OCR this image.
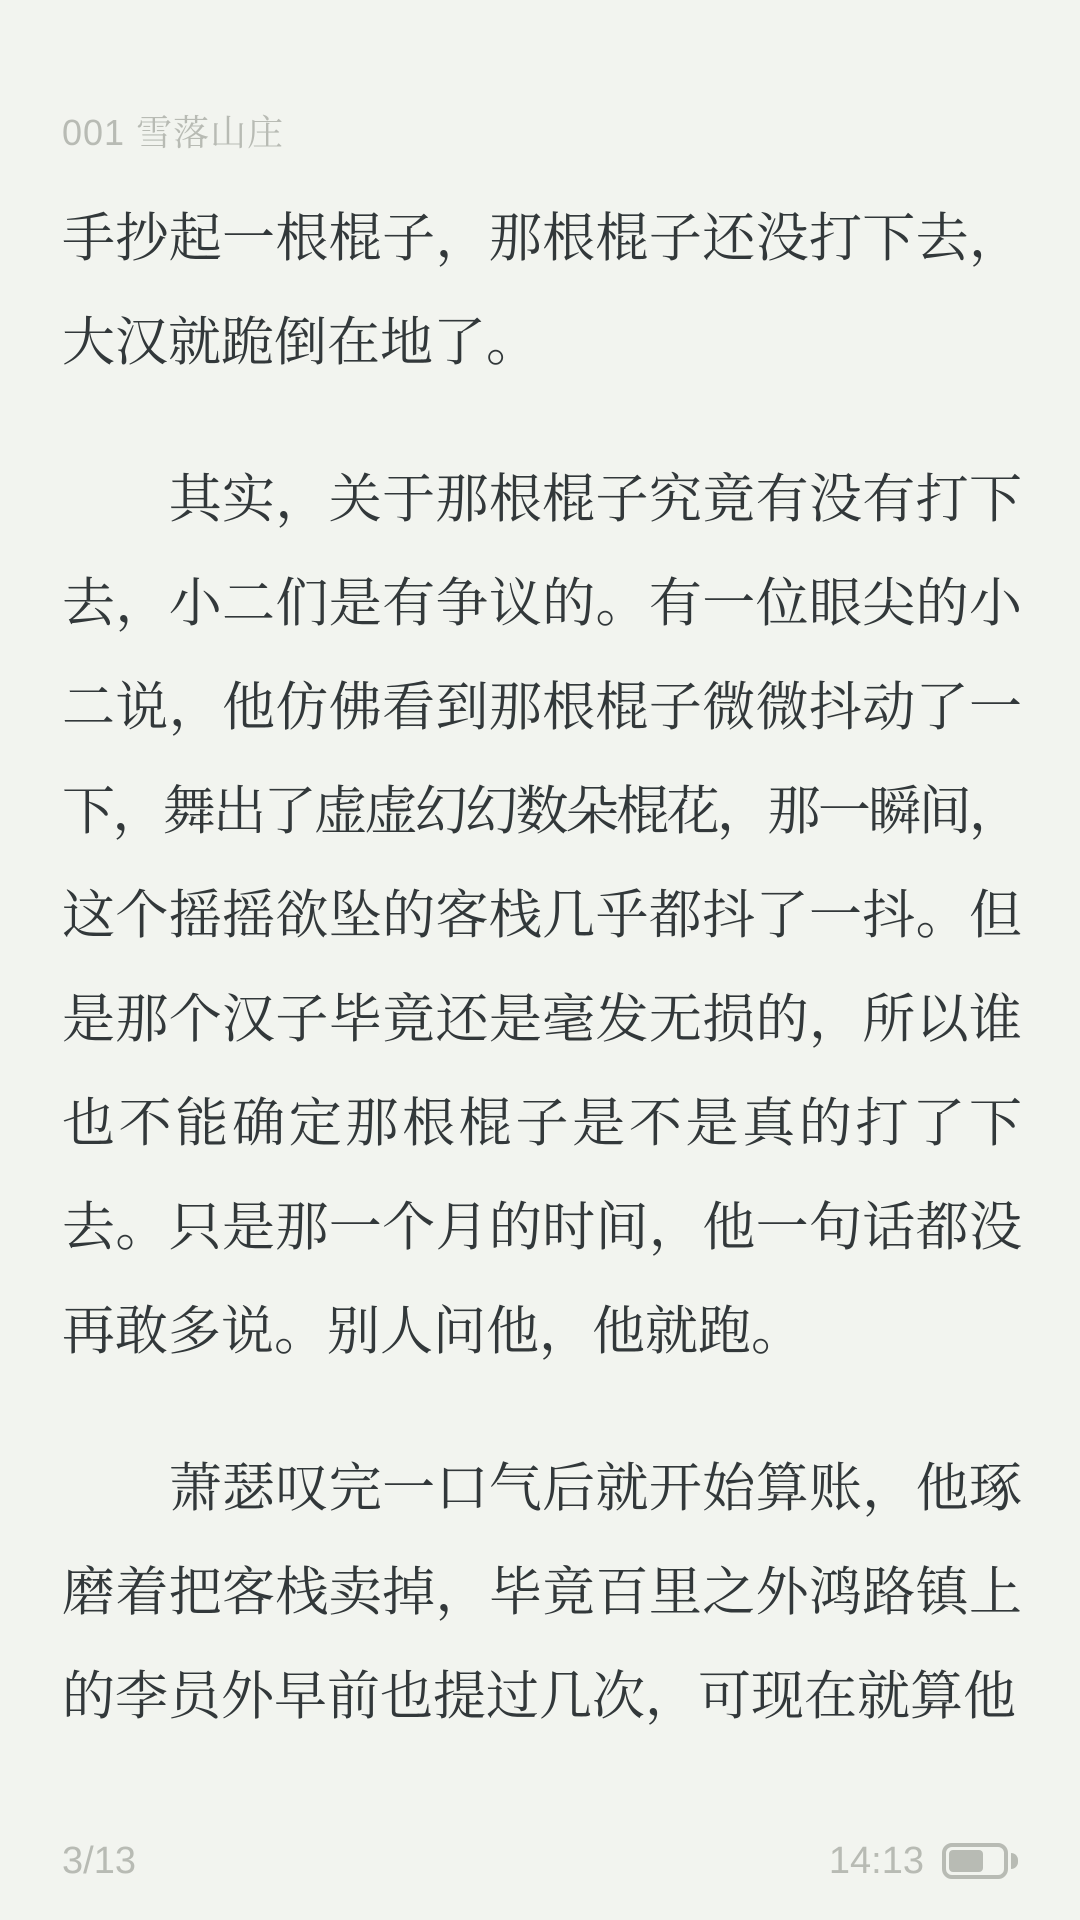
001 雪落山庄
手抄起一根棍子，那根棍子还没打下去，
大汉就跪倒在地了。
　　其实，关于那根棍子究竟有没有打下
去，小二们是有争议的。有一位眼尖的小
二说，他仿佛看到那根棍子微微抖动了一
下，舞出了虚虚幻幻数朵棍花，那一瞬间，
这个摇摇欲坠的客栈几乎都抖了一抖。但
是那个汉子毕竟还是毫发无损的，所以谁
也不能确定那根棍子是不是真的打了下
去。只是那一个月的时间，他一句话都没
再敢多说。别人问他，他就跑。
　　萧瑟叹完一口气后就开始算账，他琢
磨着把客栈卖掉，毕竟百里之外鸿路镇上
的李员外早前也提过几次，可现在就算他
3/13	14:13
